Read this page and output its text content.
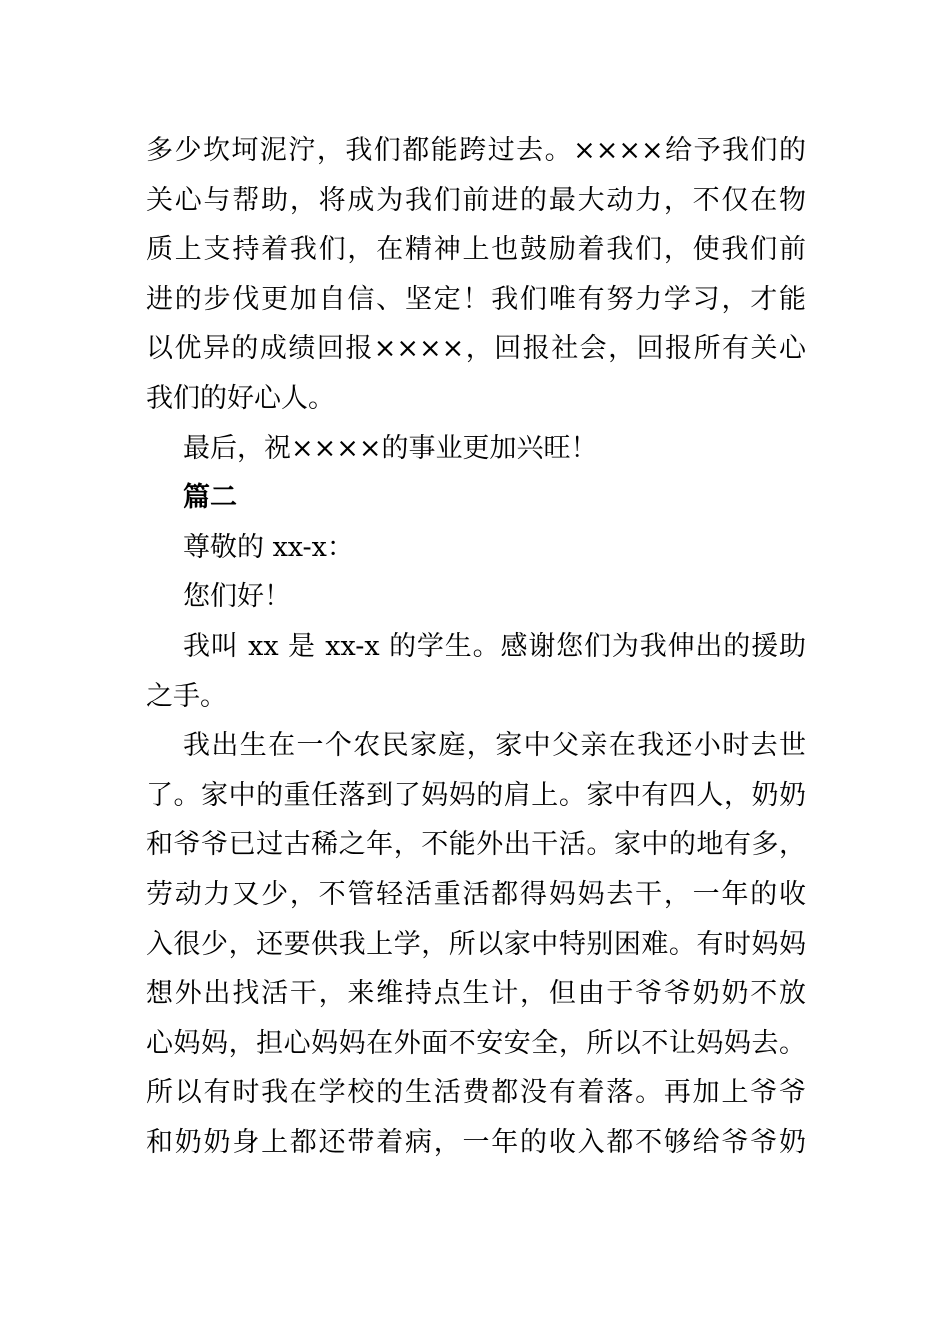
多少坎坷泥泞，我们都能跨过去。××××给予我们的
关心与帮助，将成为我们前进的最大动力，不仅在物
质上支持着我们，在精神上也鼓励着我们，使我们前
进的步伐更加自信、坚定！我们唯有努力学习，才能
以优异的成绩回报××××，回报社会，回报所有关心
我们的好心人。
最后，祝××××的事业更加兴旺！
篇二
尊敬的 xx-x：
您们好！
我叫 xx 是 xx-x 的学生。感谢您们为我伸出的援助
之手。
我出生在一个农民家庭，家中父亲在我还小时去世
了。家中的重任落到了妈妈的肩上。家中有四人，奶奶
和爷爷已过古稀之年，不能外出干活。家中的地有多，
劳动力又少，不管轻活重活都得妈妈去干，一年的收
入很少，还要供我上学，所以家中特别困难。有时妈妈
想外出找活干，来维持点生计，但由于爷爷奶奶不放
心妈妈，担心妈妈在外面不安安全，所以不让妈妈去。
所以有时我在学校的生活费都没有着落。再加上爷爷
和奶奶身上都还带着病，一年的收入都不够给爷爷奶
